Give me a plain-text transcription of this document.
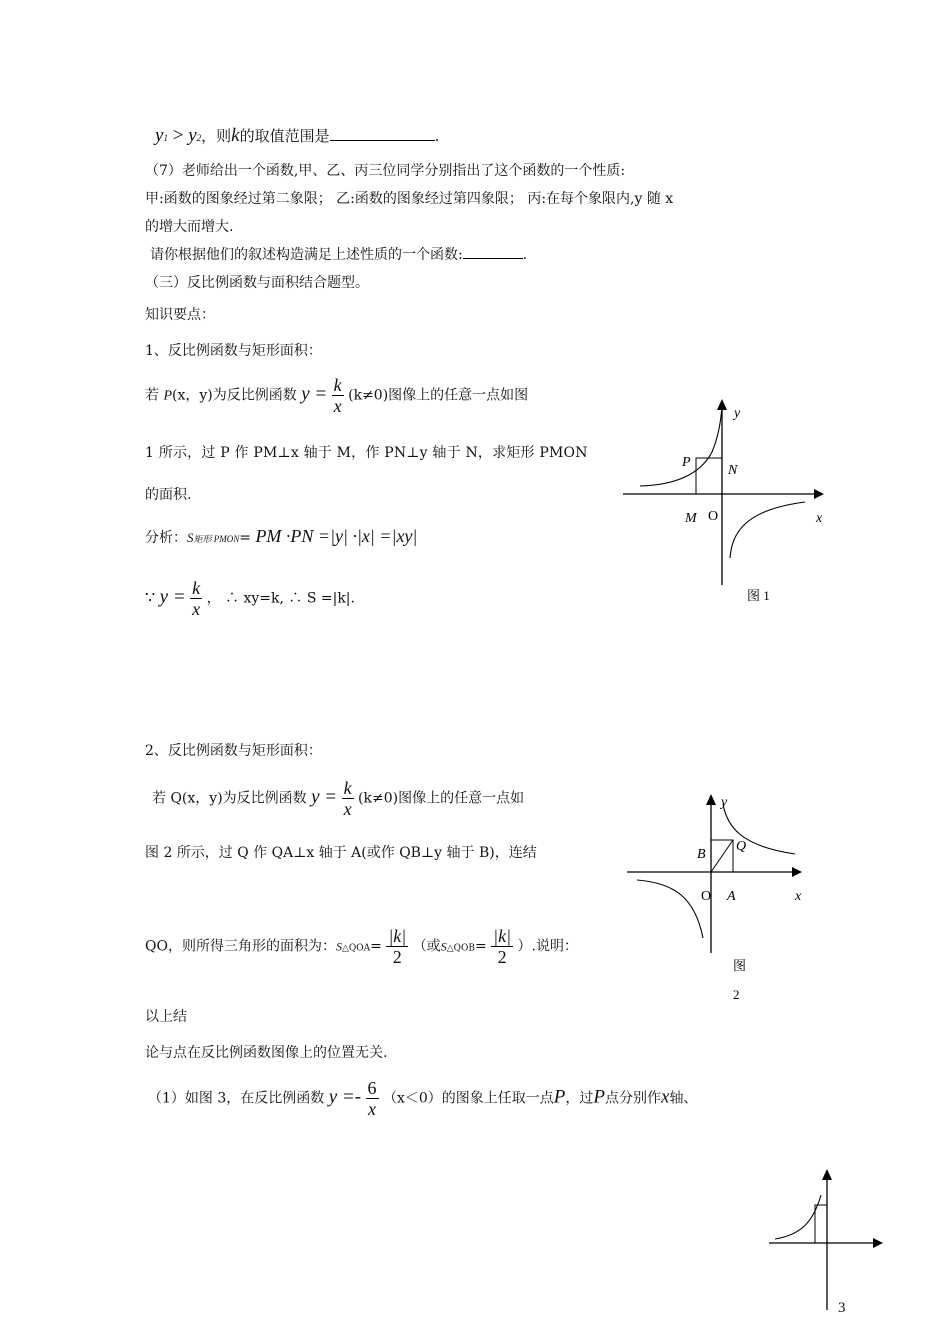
y1 > y2，则k的取值范围是	.
（7）老师给出一个函数,甲、乙、丙三位同学分别指出了这个函数的一个性质:
甲:函数的图象经过第二象限； 乙:函数的图象经过第四象限； 丙:在每个象限内,y 随 x
的增大而增大.
请你根据他们的叙述构造满足上述性质的一个函数:	.
（三）反比例函数与面积结合题型。
知识要点：
1、反比例函数与矩形面积：
若 P(x，y)为反比例函数 $y = \frac{k}{x} (k\ne 0)$图像上的任意一点如图
1 所示，过 P 作 PM⊥x 轴于 M，作 PN⊥y 轴于 N，求矩形 PMON
的面积.
分析：S矩形 PMON= PM ·PN =|y| ·|x| =|xy|
∵ $y = \frac{k}{x}$ ， ∴ xy=k, ∴ S =|k|.
y
x
P
N
M O
图 1
2、反比例函数与矩形面积：
若 Q(x，y)为反比例函数 $y = \frac{k}{x} (k\ne 0)$图像上的任意一点如
图 2 所示，过 Q 作 QA⊥x 轴于 A(或作 QB⊥y 轴于 B)，连结
QO，则所得三角形的面积为：S△QOA= $\frac{|k|}{2}$ （或S△QOB= $\frac{|k|}{2}$ ）.说明：
以上结
论与点在反比例函数图像上的位置无关.
y
x
B
Q
O A
图
2
（1）如图 3，在反比例函数 $y =- \frac{6}{x} (x<0)$的图象上任取一点P，过P点分别作x轴、
3
